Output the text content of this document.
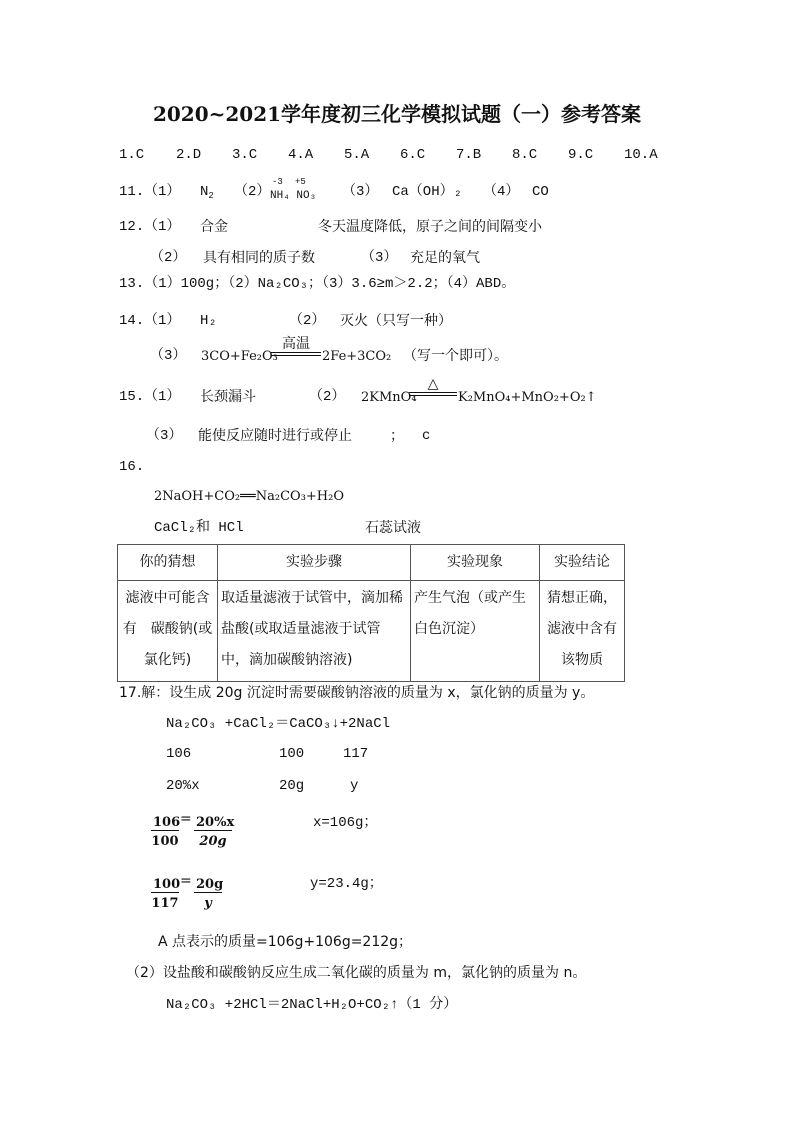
2020~2021学年度初三化学模拟试题（一）参考答案
1.C 2.D 3.C 4.A 5.A 6.C 7.B 8.C 9.C 10.A
11. （1） $N_2$ （2）
-3 +5
NH₄ NO₃ （3） Ca（OH）₂ （4） CO
12. （1） 合金	冬天温度降低，原子之间的间隔变小
（2） 具有相同的质子数	（3） 充足的氧气
13.（1）100g；（2）Na₂CO₃；（3）3.6≥m＞2.2；（4）ABD。
14. （1） H₂	（2） 灭火（只写一种）
（3） 3CO+Fe₂O₃
高温
2Fe+3CO₂ （写一个即可）。
15. （1） 长颈漏斗	（2） 2KMnO₄
△
K₂MnO₄+MnO₂+O₂↑
（3） 能使反应随时进行或停止	； c
16.
2NaOH+CO₂══Na₂CO₃+H₂O
CaCl₂和 HCl	石蕊试液
你的猜想	实验步骤	实验现象	实验结论
滤液中可能含有　碳酸钠(或氯化钙)	取适量滤液于试管中，滴加稀盐酸(或取适量滤液于试管中，滴加碳酸钠溶液)	产生气泡（或产生白色沉淀）	猜想正确，滤液中含有该物质
17.解：设生成 20g 沉淀时需要碳酸钠溶液的质量为 x，氯化钠的质量为 y。
Na₂CO₃ +CaCl₂＝CaCO₃↓+2NaCl
106	100	117
20%x	20g	y
$\frac{106}{100} = \frac{20\%x}{20g}$	x=106g；
$\frac{100}{117} = \frac{20g}{y}$	y=23.4g；
A 点表示的质量=106g+106g=212g；
（2）设盐酸和碳酸钠反应生成二氧化碳的质量为 m，氯化钠的质量为 n。
Na₂CO₃ +2HCl＝2NaCl+H₂O+CO₂↑（1 分）
